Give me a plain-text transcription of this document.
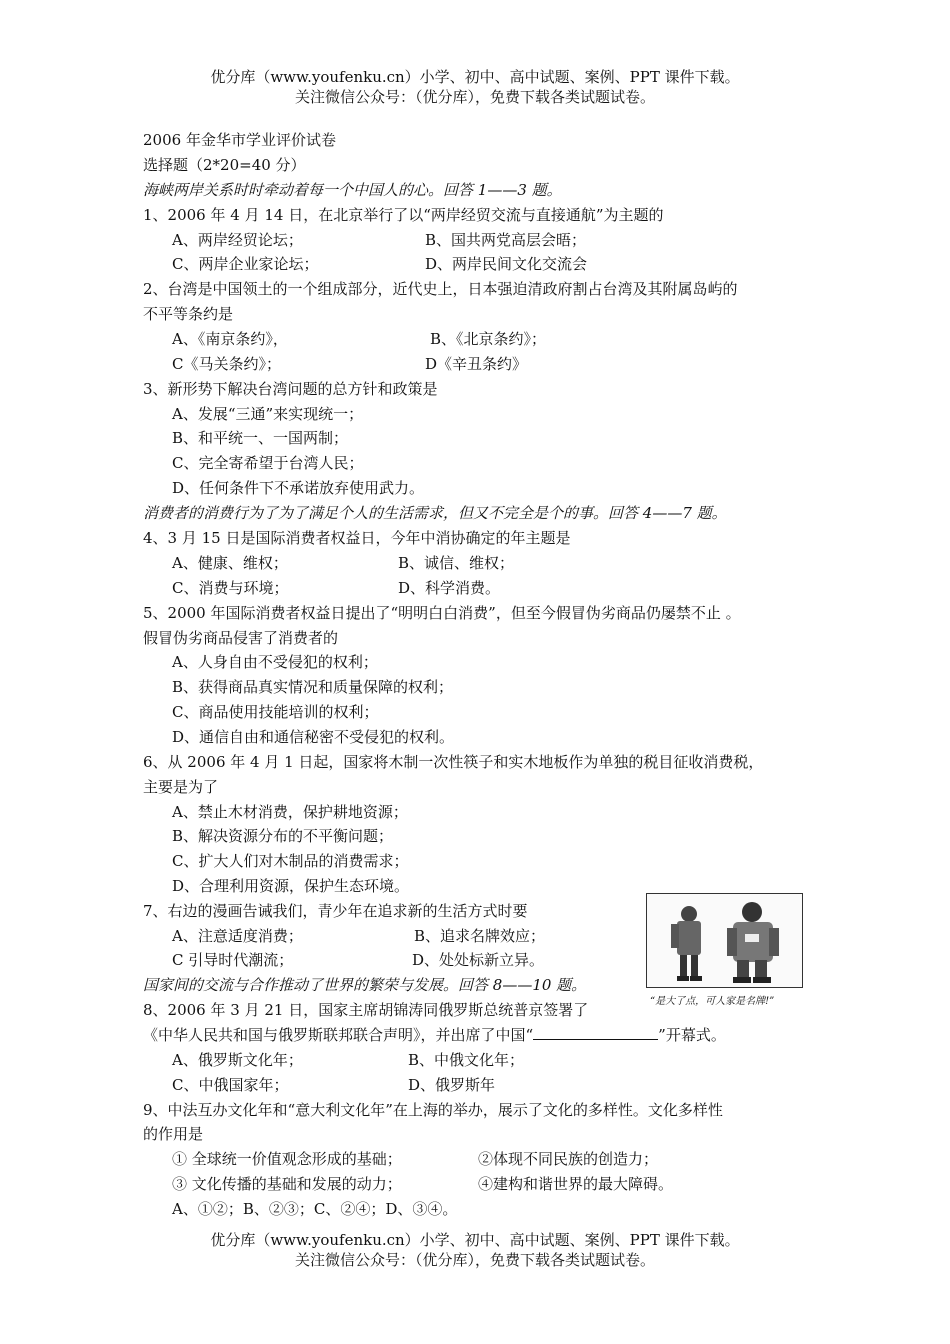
优分库（www.youfenku.cn）小学、初中、高中试题、案例、PPT 课件下载。
关注微信公众号：（优分库），免费下载各类试题试卷。
2006 年金华市学业评价试卷
选择题（2*20=40 分）
海峡两岸关系时时牵动着每一个中国人的心。回答 1——3 题。
1、2006 年 4 月 14 日，在北京举行了以“两岸经贸交流与直接通航”为主题的
A、两岸经贸论坛；	B、国共两党高层会晤；
C、两岸企业家论坛；	D、两岸民间文化交流会
2、台湾是中国领土的一个组成部分，近代史上，日本强迫清政府割占台湾及其附属岛屿的
不平等条约是
A、《南京条约》，	B、《北京条约》；
C《马关条约》；	D《辛丑条约》
3、新形势下解决台湾问题的总方针和政策是
A、发展“三通”来实现统一；
B、和平统一、一国两制；
C、完全寄希望于台湾人民；
D、任何条件下不承诺放弃使用武力。
消费者的消费行为了为了满足个人的生活需求，但又不完全是个的事。回答 4——7 题。
4、3 月 15 日是国际消费者权益日，今年中消协确定的年主题是
A、健康、维权；	B、诚信、维权；
C、消费与环境；	D、科学消费。
5、2000 年国际消费者权益日提出了“明明白白消费”，但至今假冒伪劣商品仍屡禁不止 。
假冒伪劣商品侵害了消费者的
A、人身自由不受侵犯的权利；
B、获得商品真实情况和质量保障的权利；
C、商品使用技能培训的权利；
D、通信自由和通信秘密不受侵犯的权利。
6、从 2006 年 4 月 1 日起，国家将木制一次性筷子和实木地板作为单独的税目征收消费税，
主要是为了
A、禁止木材消费，保护耕地资源；
B、解决资源分布的不平衡问题；
C、扩大人们对木制品的消费需求；
D、合理利用资源，保护生态环境。
7、右边的漫画告诫我们，青少年在追求新的生活方式时要
A、注意适度消费；	B、追求名牌效应；
C 引导时代潮流；	D、处处标新立异。
“是大了点，可人家是名牌!”
国家间的交流与合作推动了世界的繁荣与发展。回答 8——10 题。
8、2006 年 3 月 21 日，国家主席胡锦涛同俄罗斯总统普京签署了
《中华人民共和国与俄罗斯联邦联合声明》，并出席了中国“	”开幕式。
A、俄罗斯文化年；	B、中俄文化年；
C、中俄国家年；	D、俄罗斯年
9、中法互办文化年和“意大利文化年”在上海的举办，展示了文化的多样性。文化多样性
的作用是
① 全球统一价值观念形成的基础；	②体现不同民族的创造力；
③ 文化传播的基础和发展的动力；	④建构和谐世界的最大障碍。
A、①②；B、②③；C、②④；D、③④。
优分库（www.youfenku.cn）小学、初中、高中试题、案例、PPT 课件下载。
关注微信公众号：（优分库），免费下载各类试题试卷。
